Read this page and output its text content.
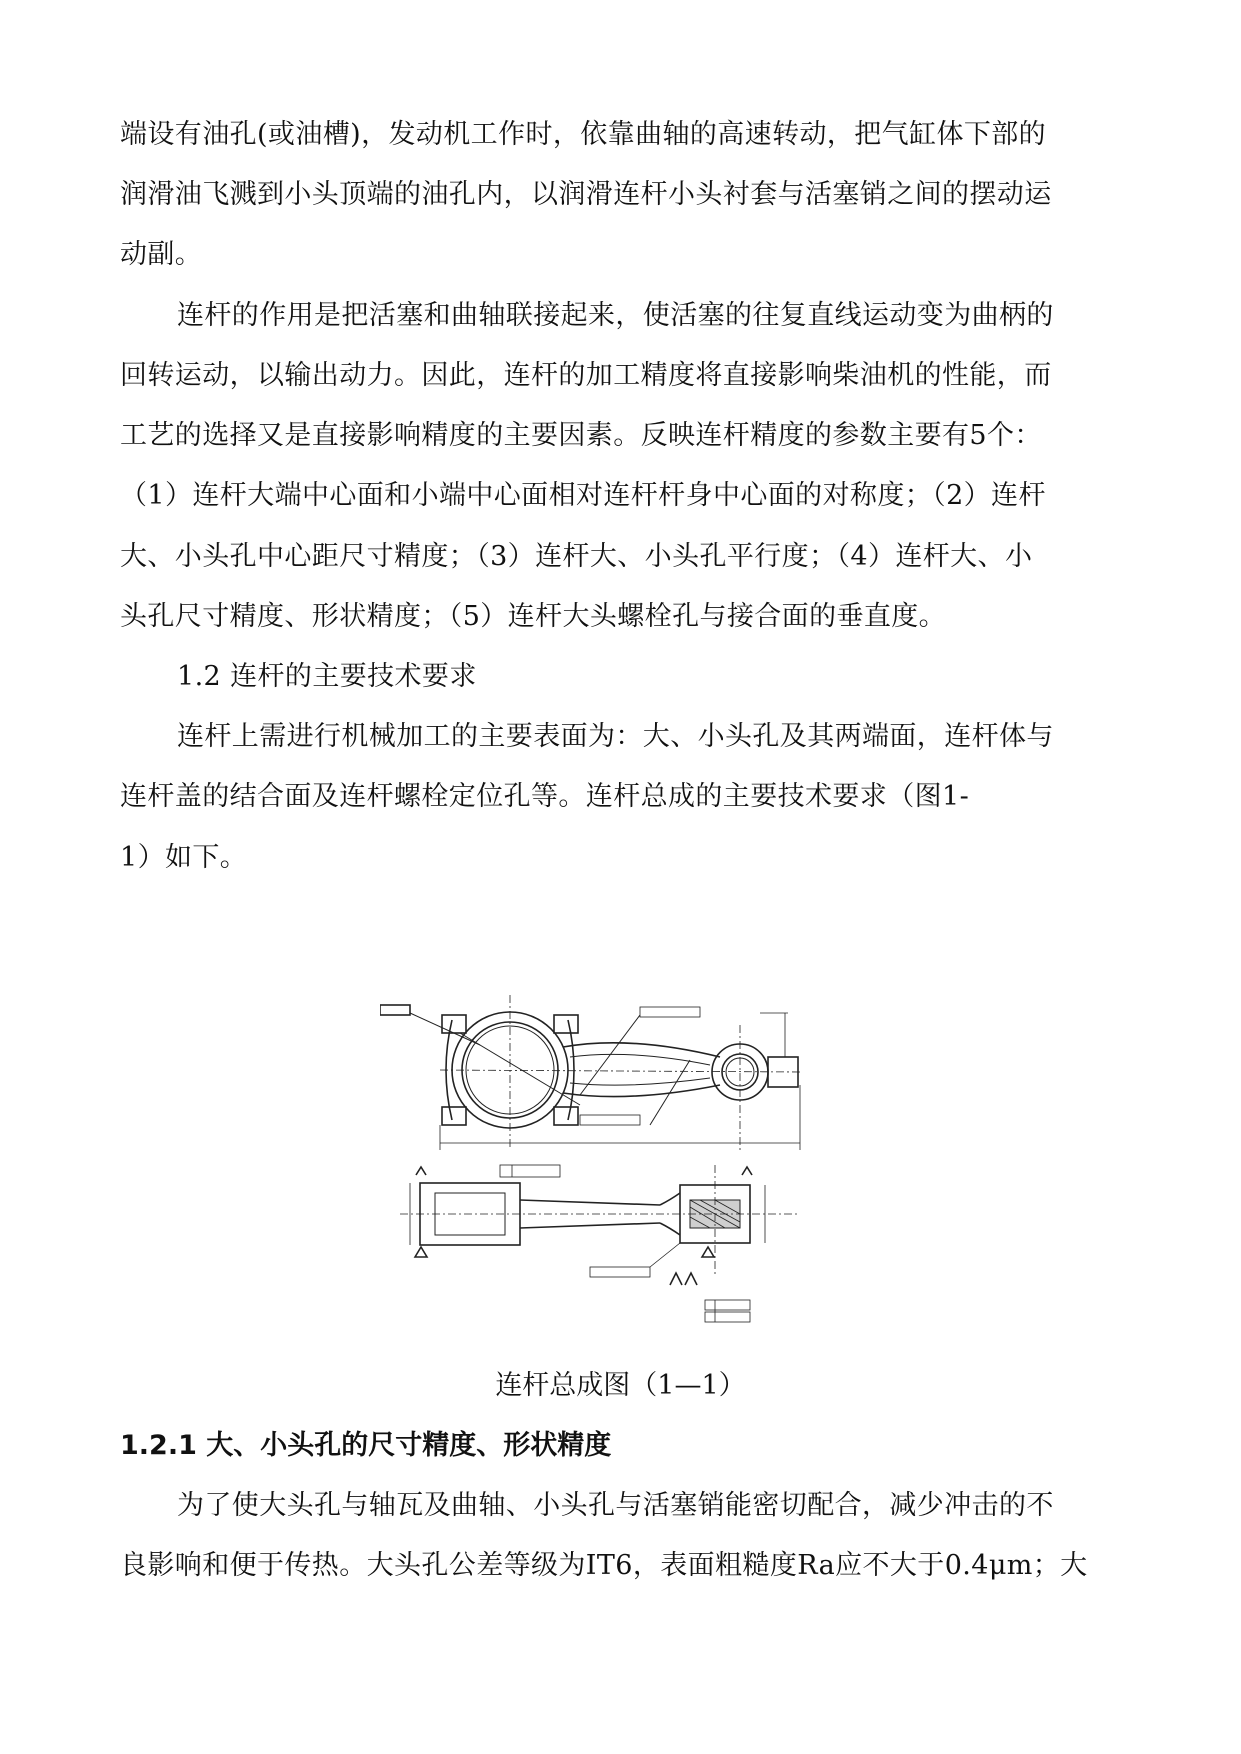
端设有油孔(或油槽)，发动机工作时，依靠曲轴的高速转动，把气缸体下部的
润滑油飞溅到小头顶端的油孔内，以润滑连杆小头衬套与活塞销之间的摆动运
动副。
连杆的作用是把活塞和曲轴联接起来，使活塞的往复直线运动变为曲柄的
回转运动，以输出动力。因此，连杆的加工精度将直接影响柴油机的性能，而
工艺的选择又是直接影响精度的主要因素。反映连杆精度的参数主要有5个：
（1）连杆大端中心面和小端中心面相对连杆杆身中心面的对称度；（2）连杆
大、小头孔中心距尺寸精度；（3）连杆大、小头孔平行度；（4）连杆大、小
头孔尺寸精度、形状精度；（5）连杆大头螺栓孔与接合面的垂直度。
1.2 连杆的主要技术要求
连杆上需进行机械加工的主要表面为：大、小头孔及其两端面，连杆体与
连杆盖的结合面及连杆螺栓定位孔等。连杆总成的主要技术要求（图1-
1）如下。
连杆总成图（1—1）
1.2.1 大、小头孔的尺寸精度、形状精度
为了使大头孔与轴瓦及曲轴、小头孔与活塞销能密切配合，减少冲击的不
良影响和便于传热。大头孔公差等级为IT6，表面粗糙度Ra应不大于0.4μm；大
